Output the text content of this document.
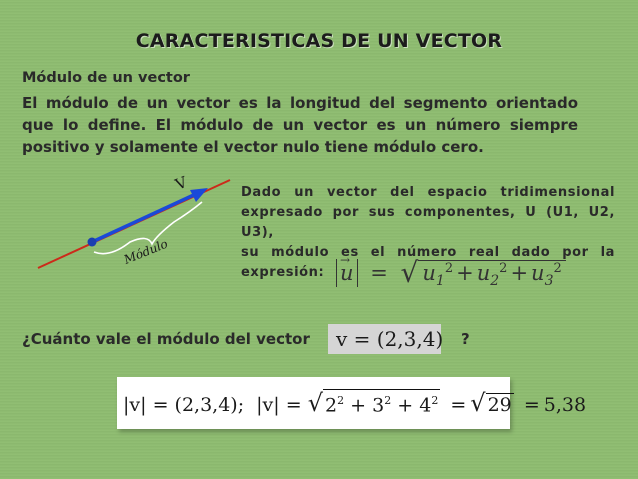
CARACTERISTICAS DE UN VECTOR
Módulo de un vector
El módulo de un vector es la longitud del segmento orientado
que lo define. El módulo de un vector es un número siempre
positivo y solamente el vector nulo tiene módulo cero.
V
Módulo
Dado un vector del espacio tridimensional
expresado por sus componentes, U (U1, U2, U3),
su módulo es el número real dado por la
expresión:
→ u = √ $u_1^2 + u_2^2 + u_3^2$
¿Cuánto vale el módulo del vector	v = (2,3,4) ?
|v| = (2,3,4); |v| = √ $2^2 + 3^2 + 4^2$ = √ 29 = 5,38
